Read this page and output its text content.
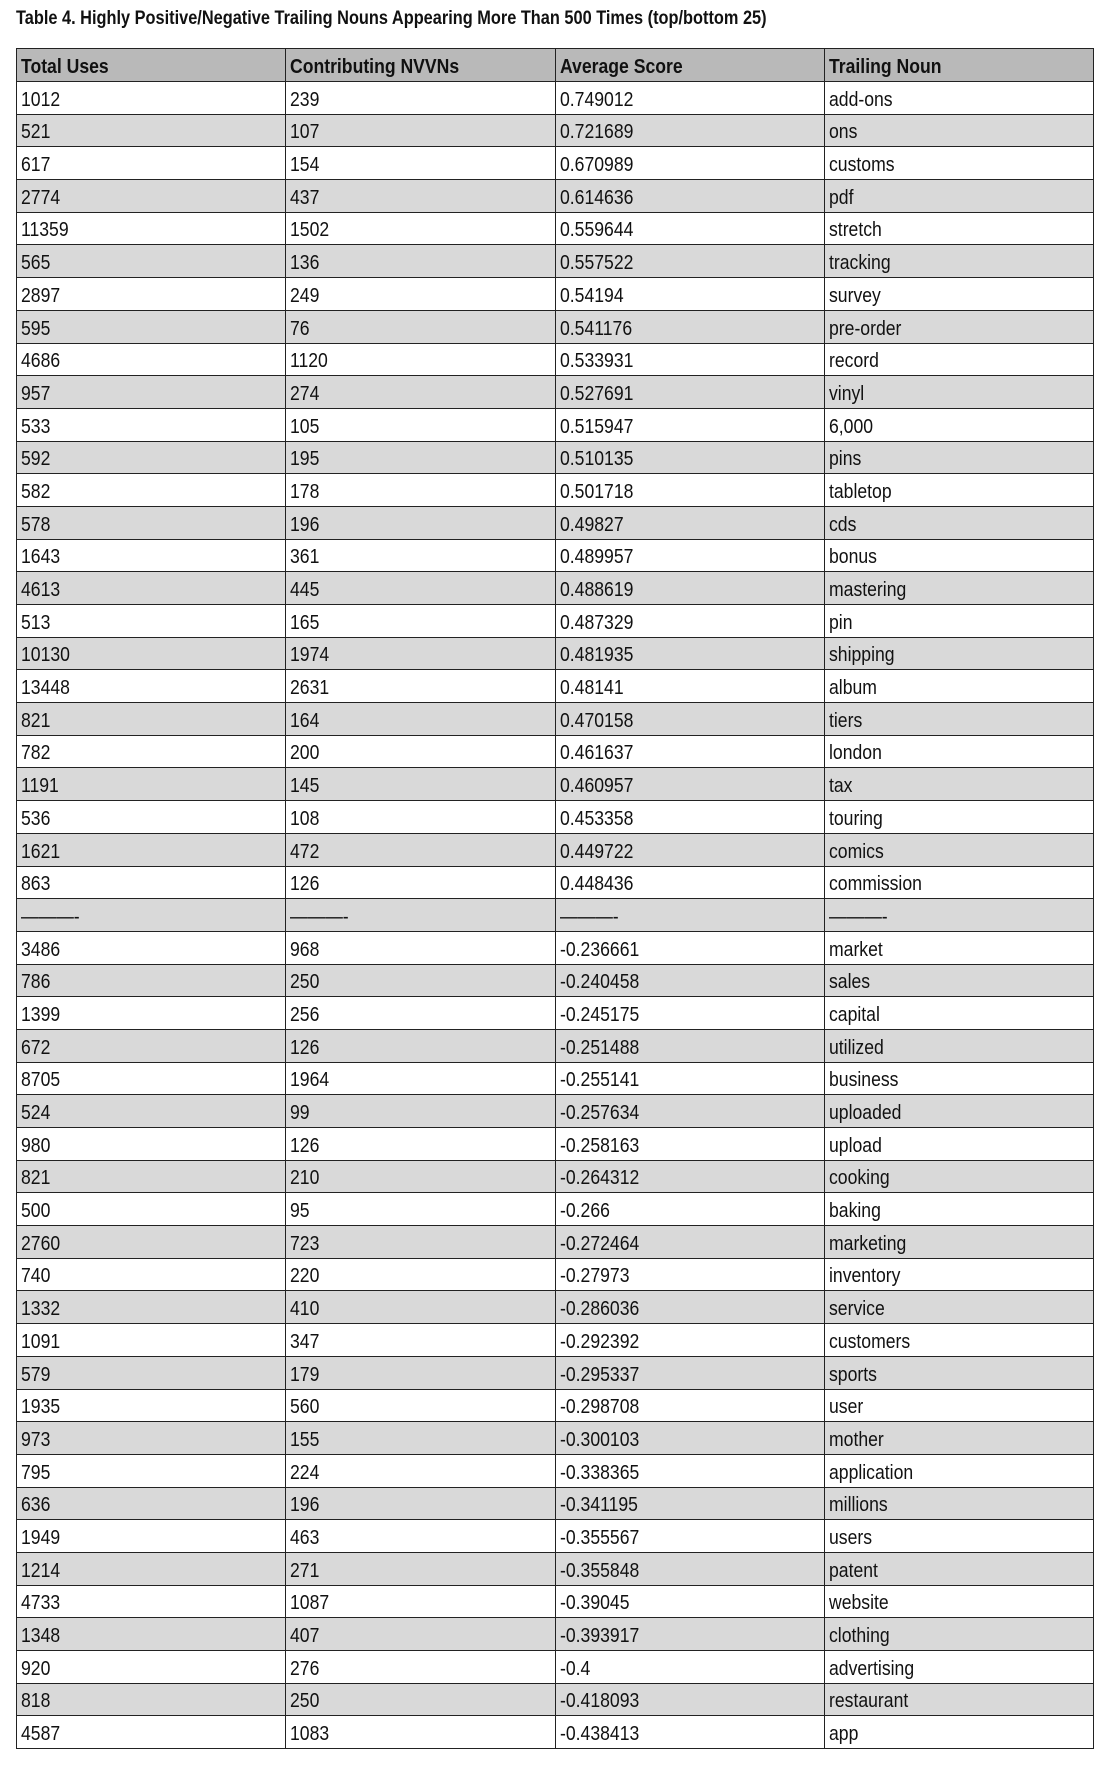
Table 4. Highly Positive/Negative Trailing Nouns Appearing More Than 500 Times (top/bottom 25)
Total Uses	Contributing NVVNs	Average Score	Trailing Noun
1012	239	0.749012	add-ons
521	107	0.721689	ons
617	154	0.670989	customs
2774	437	0.614636	pdf
11359	1502	0.559644	stretch
565	136	0.557522	tracking
2897	249	0.54194	survey
595	76	0.541176	pre-order
4686	1120	0.533931	record
957	274	0.527691	vinyl
533	105	0.515947	6,000
592	195	0.510135	pins
582	178	0.501718	tabletop
578	196	0.49827	cds
1643	361	0.489957	bonus
4613	445	0.488619	mastering
513	165	0.487329	pin
10130	1974	0.481935	shipping
13448	2631	0.48141	album
821	164	0.470158	tiers
782	200	0.461637	london
1191	145	0.460957	tax
536	108	0.453358	touring
1621	472	0.449722	comics
863	126	0.448436	commission
———-	———-	———-	———-
3486	968	-0.236661	market
786	250	-0.240458	sales
1399	256	-0.245175	capital
672	126	-0.251488	utilized
8705	1964	-0.255141	business
524	99	-0.257634	uploaded
980	126	-0.258163	upload
821	210	-0.264312	cooking
500	95	-0.266	baking
2760	723	-0.272464	marketing
740	220	-0.27973	inventory
1332	410	-0.286036	service
1091	347	-0.292392	customers
579	179	-0.295337	sports
1935	560	-0.298708	user
973	155	-0.300103	mother
795	224	-0.338365	application
636	196	-0.341195	millions
1949	463	-0.355567	users
1214	271	-0.355848	patent
4733	1087	-0.39045	website
1348	407	-0.393917	clothing
920	276	-0.4	advertising
818	250	-0.418093	restaurant
4587	1083	-0.438413	app
